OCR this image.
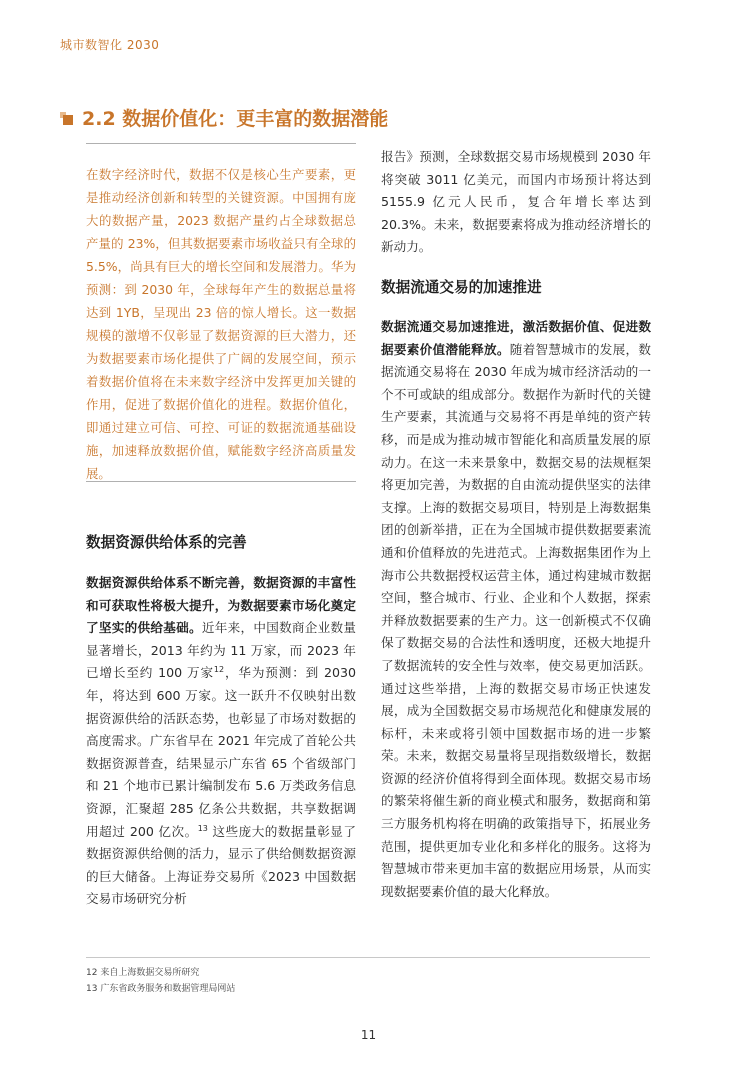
城市数智化 2030
2.2 数据价值化：更丰富的数据潜能
在数字经济时代，数据不仅是核心生产要素，更是推动经济创新和转型的关键资源。中国拥有庞大的数据产量，2023 数据产量约占全球数据总产量的 23%，但其数据要素市场收益只有全球的 5.5%，尚具有巨大的增长空间和发展潜力。华为预测：到 2030 年，全球每年产生的数据总量将达到 1YB，呈现出 23 倍的惊人增长。这一数据规模的激增不仅彰显了数据资源的巨大潜力，还为数据要素市场化提供了广阔的发展空间，预示着数据价值将在未来数字经济中发挥更加关键的作用，促进了数据价值化的进程。数据价值化，即通过建立可信、可控、可证的数据流通基础设施，加速释放数据价值，赋能数字经济高质量发展。
数据资源供给体系的完善
数据资源供给体系不断完善，数据资源的丰富性和可获取性将极大提升，为数据要素市场化奠定了坚实的供给基础。近年来，中国数商企业数量显著增长，2013 年约为 11 万家，而 2023 年已增长至约 100 万家$^{12}$，华为预测：到 2030 年，将达到 600 万家。这一跃升不仅映射出数据资源供给的活跃态势，也彰显了市场对数据的高度需求。广东省早在 2021 年完成了首轮公共数据资源普查，结果显示广东省 65 个省级部门和 21 个地市已累计编制发布 5.6 万类政务信息资源，汇聚超 285 亿条公共数据，共享数据调用超过 200 亿次。$^{13}$ 这些庞大的数据量彰显了数据资源供给侧的活力，显示了供给侧数据资源的巨大储备。上海证券交易所《2023 中国数据交易市场研究分析
报告》预测，全球数据交易市场规模到 2030 年将突破 3011 亿美元，而国内市场预计将达到 5155.9 亿元人民币，复合年增长率达到 20.3%。未来，数据要素将成为推动经济增长的新动力。
数据流通交易的加速推进
数据流通交易加速推进，激活数据价值、促进数据要素价值潜能释放。随着智慧城市的发展，数据流通交易将在 2030 年成为城市经济活动的一个不可或缺的组成部分。数据作为新时代的关键生产要素，其流通与交易将不再是单纯的资产转移，而是成为推动城市智能化和高质量发展的原动力。在这一未来景象中，数据交易的法规框架将更加完善，为数据的自由流动提供坚实的法律支撑。上海的数据交易项目，特别是上海数据集团的创新举措，正在为全国城市提供数据要素流通和价值释放的先进范式。上海数据集团作为上海市公共数据授权运营主体，通过构建城市数据空间，整合城市、行业、企业和个人数据，探索并释放数据要素的生产力。这一创新模式不仅确保了数据交易的合法性和透明度，还极大地提升了数据流转的安全性与效率，使交易更加活跃。通过这些举措，上海的数据交易市场正快速发展，成为全国数据交易市场规范化和健康发展的标杆，未来或将引领中国数据市场的进一步繁荣。未来，数据交易量将呈现指数级增长，数据资源的经济价值将得到全面体现。数据交易市场的繁荣将催生新的商业模式和服务，数据商和第三方服务机构将在明确的政策指导下，拓展业务范围，提供更加专业化和多样化的服务。这将为智慧城市带来更加丰富的数据应用场景，从而实现数据要素价值的最大化释放。
12 来自上海数据交易所研究
13 广东省政务服务和数据管理局网站
11
